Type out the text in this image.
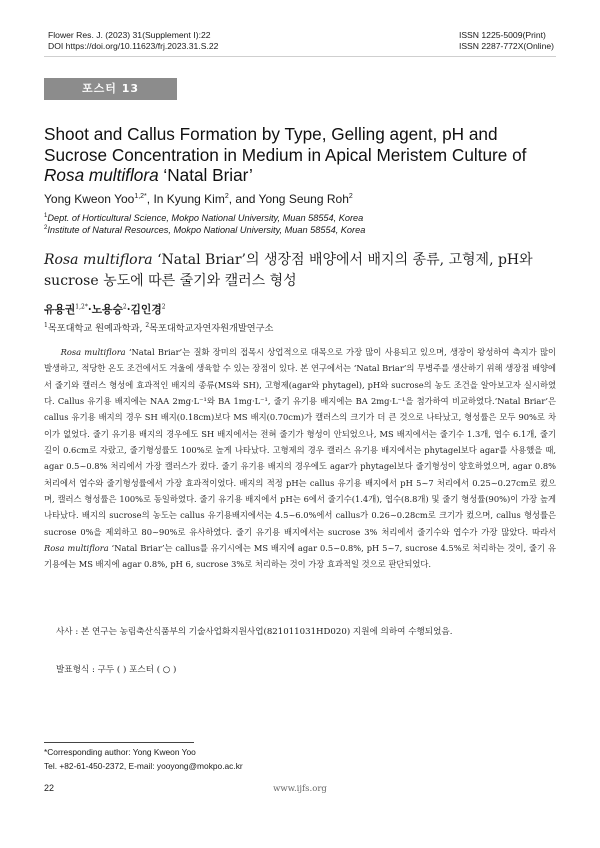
Flower Res. J. (2023) 31(Supplement Ⅰ):22
DOI https://doi.org/10.11623/frj.2023.31.S.22
ISSN 1225-5009(Print)
ISSN 2287-772X(Online)
포스터 13
Shoot and Callus Formation by Type, Gelling agent, pH and Sucrose Concentration in Medium in Apical Meristem Culture of Rosa multiflora ‘Natal Briar’
Yong Kweon Yoo$^{1,2*}$, In Kyung Kim$^2$, and Yong Seung Roh$^2$
$^1$Dept. of Horticultural Science, Mokpo National University, Muan 58554, Korea
$^2$Institute of Natural Resources, Mokpo National University, Muan 58554, Korea
Rosa multiflora ‘Natal Briar’의 생장점 배양에서 배지의 종류, 고형제, pH와 sucrose 농도에 따른 줄기와 캘러스 형성
유용권$^{1,2*}$·노용승$^2$·김인경$^2$
$^1$목포대학교 원예과학과, $^2$목포대학교자연자원개발연구소

  Rosa multiflora ‘Natal Briar’는 질화 장미의 접목시 상업적으로 대목으로 가장 많이 사용되고 있으며, 생장이 왕성하여 측지가 많이 발생하고, 적당한 온도 조건에서도 겨울에 생육할 수 있는 장점이 있다. 본 연구에서는 ‘Natal Briar’의 무병주를 생산하기 위해 생장점 배양에서 줄기와 캘러스 형성에 효과적인 배지의 종류(MS와 SH), 고형제(agar와 phytagel), pH와 sucrose의 농도 조건을 알아보고자 실시하였다. Callus 유기용 배지에는 NAA 2mg·L⁻¹와 BA 1mg·L⁻¹, 줄기 유기용 배지에는 BA 2mg·L⁻¹을 첨가하여 비교하였다.‘Natal Briar’은 callus 유기용 배지의 경우 SH 배지(0.18cm)보다 MS 배지(0.70cm)가 캘러스의 크기가 더 큰 것으로 나타났고, 형성률은 모두 90%로 차이가 없었다. 줄기 유기용 배지의 경우에도 SH 배지에서는 전혀 줄기가 형성이 안되었으나, MS 배지에서는 줄기수 1.3개, 엽수 6.1개, 줄기 길이 0.6cm로 자랐고, 줄기형성률도 100%로 높게 나타났다. 고형제의 경우 캘러스 유기용 배지에서는 phytagel보다 agar를 사용했을 때, agar 0.5~0.8% 처리에서 가장 캘러스가 컸다. 줄기 유기용 배지의 경우에도 agar가 phytagel보다 줄기형성이 양호하였으며, agar 0.8% 처리에서 엽수와 줄기형성률에서 가장 효과적이었다. 배지의 적정 pH는 callus 유기용 배지에서 pH 5~7 처리에서 0.25~0.27cm로 컸으며, 캘러스 형성률은 100%로 동일하였다. 줄기 유기용 배지에서 pH는 6에서 줄기수(1.4개), 엽수(8.8개) 및 줄기 형성률(90%)이 가장 높게 나타났다. 배지의 sucrose의 농도는 callus 유기용배지에서는 4.5~6.0%에서 callus가 0.26~0.28cm로 크기가 컸으며, callus 형성률은 sucrose 0%을 제외하고 80~90%로 유사하였다. 줄기 유기용 배지에서는 sucrose 3% 처리에서 줄기수와 엽수가 가장 많았다. 따라서 Rosa multiflora ‘Natal Briar’는 callus를 유기시에는 MS 배지에 agar 0.5~0.8%, pH 5~7, sucrose 4.5%로 처리하는 것이, 줄기 유기용에는 MS 배지에 agar 0.8%, pH 6, sucrose 3%로 처리하는 것이 가장 효과적일 것으로 판단되었다.

사사 : 본 연구는 농림축산식품부의 기술사업화지원사업(821011031HD020) 지원에 의하여 수행되었음.
발표형식 : 구두 ( ) 포스터 ( ○ )
*Corresponding author: Yong Kweon Yoo
Tel. +82-61-450-2372, E-mail: yooyong@mokpo.ac.kr
22	www.ijfs.org
